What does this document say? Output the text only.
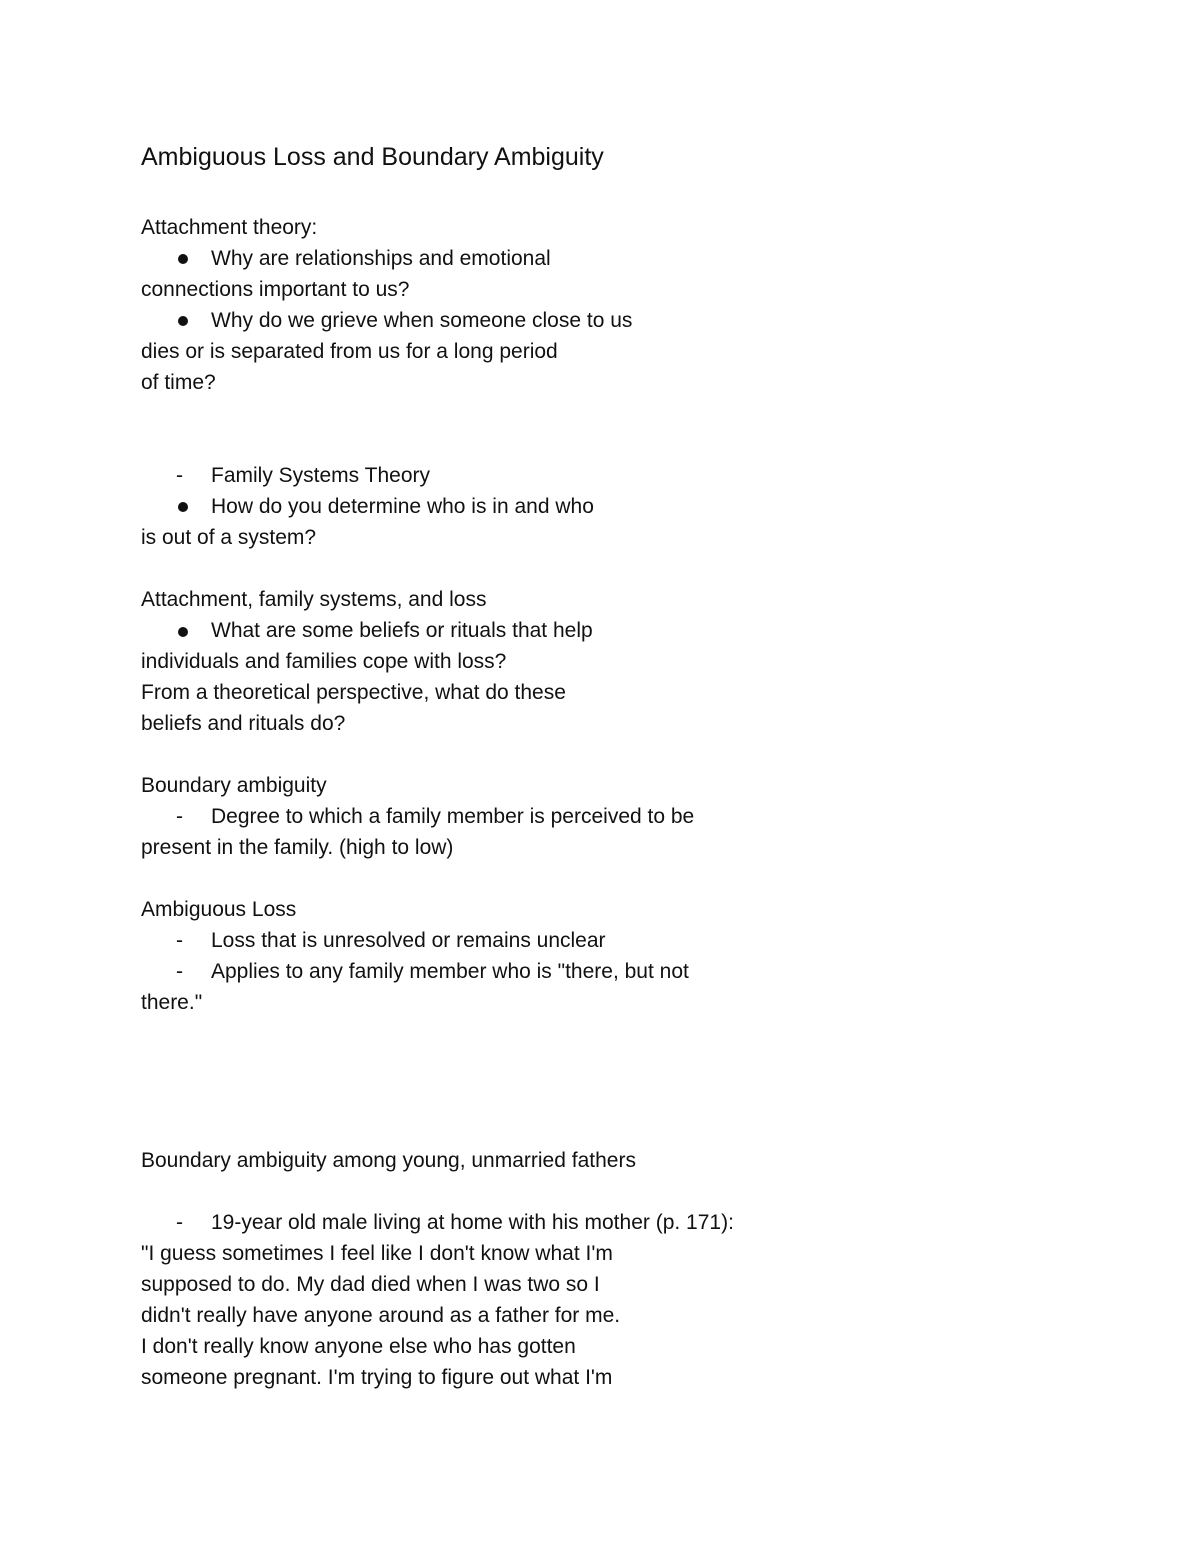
Ambiguous Loss and Boundary Ambiguity
Attachment theory:
Why are relationships and emotional
connections important to us?
Why do we grieve when someone close to us
dies or is separated from us for a long period
of time?
- Family Systems Theory
How do you determine who is in and who
is out of a system?
Attachment, family systems, and loss
What are some beliefs or rituals that help
individuals and families cope with loss?
From a theoretical perspective, what do these
beliefs and rituals do?
Boundary ambiguity
- Degree to which a family member is perceived to be
present in the family. (high to low)
Ambiguous Loss
- Loss that is unresolved or remains unclear
- Applies to any family member who is "there, but not
there."
Boundary ambiguity among young, unmarried fathers
- 19-year old male living at home with his mother (p. 171):
"I guess sometimes I feel like I don't know what I'm
supposed to do. My dad died when I was two so I
didn't really have anyone around as a father for me.
I don't really know anyone else who has gotten
someone pregnant. I'm trying to figure out what I'm
